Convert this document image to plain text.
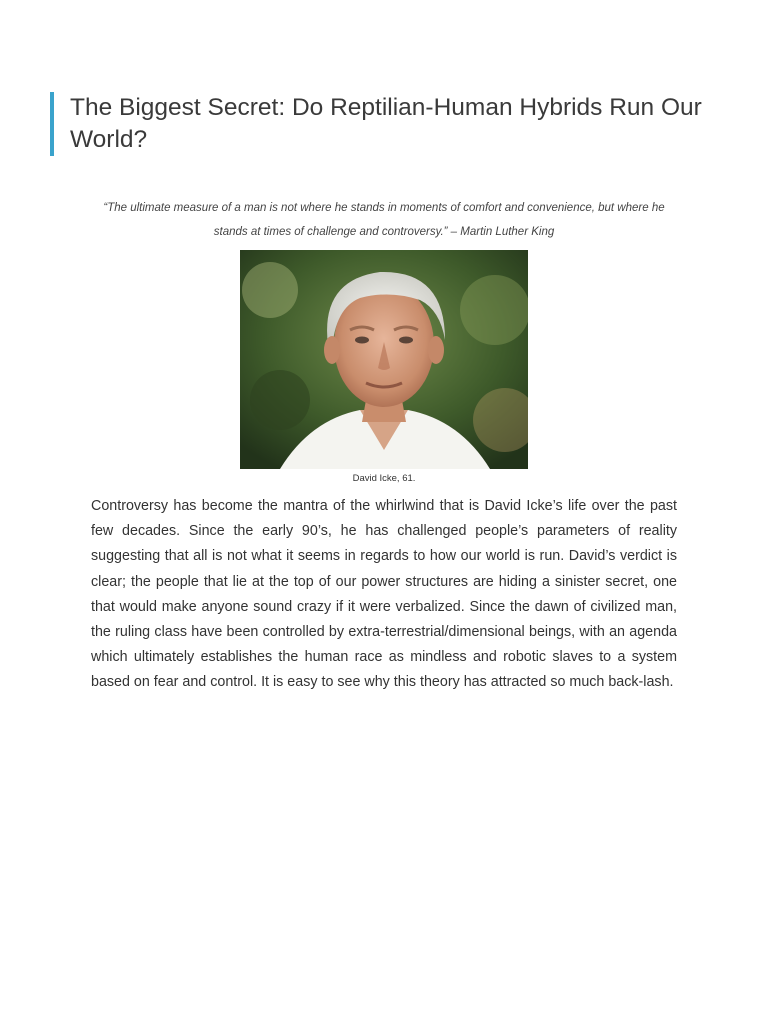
The Biggest Secret: Do Reptilian-Human Hybrids Run Our World?
“The ultimate measure of a man is not where he stands in moments of comfort and convenience, but where he stands at times of challenge and controversy.” – Martin Luther King
David Icke, 61.

Controversy has become the mantra of the whirlwind that is David Icke’s life over the past few decades. Since the early 90’s, he has challenged people’s parameters of reality suggesting that all is not what it seems in regards to how our world is run. David’s verdict is clear; the people that lie at the top of our power structures are hiding a sinister secret, one that would make anyone sound crazy if it were verbalized. Since the dawn of civilized man, the ruling class have been controlled by extra-terrestrial/dimensional beings, with an agenda which ultimately establishes the human race as mindless and robotic slaves to a system based on fear and control. It is easy to see why this theory has attracted so much back-lash.
